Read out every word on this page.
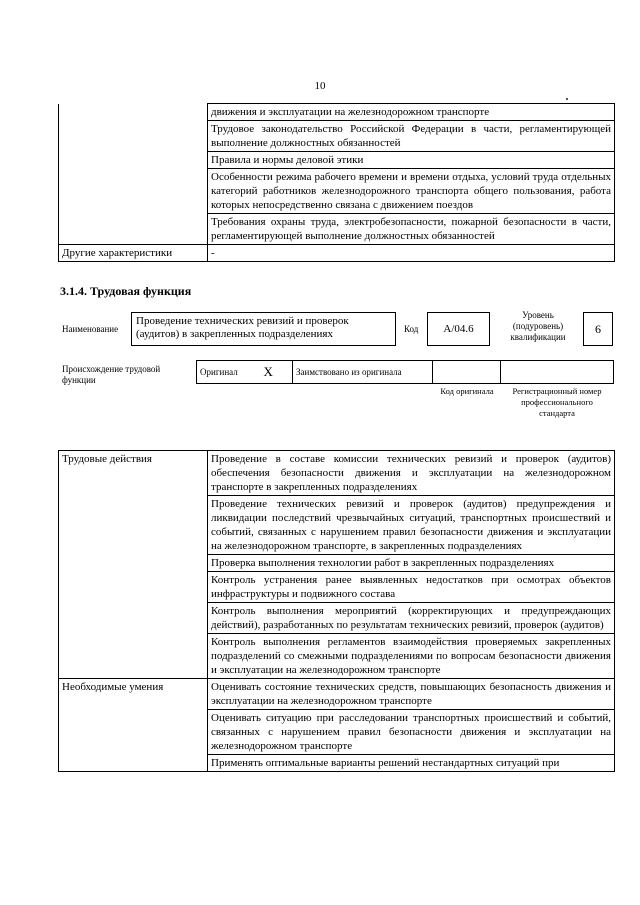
10
	движения и эксплуатации на железнодорожном транспорте
	Трудовое законодательство Российской Федерации в части, регламентирующей выполнение должностных обязанностей
	Правила и нормы деловой этики
	Особенности режима рабочего времени и времени отдыха, условий труда отдельных категорий работников железнодорожного транспорта общего пользования, работа которых непосредственно связана с движением поездов
	Требования охраны труда, электробезопасности, пожарной безопасности в части, регламентирующей выполнение должностных обязанностей
Другие характеристики	-
3.1.4. Трудовая функция
Наименование
Проведение технических ревизий и проверок (аудитов) в закрепленных подразделениях	Код	А/04.6
Уровень (подуровень) квалификации
6
Происхождение трудовой функции
Оригинал	X	Заимствовано из оригинала		
Код оригинала	Регистрационный номер профессионального стандарта
Трудовые действия	Проведение в составе комиссии технических ревизий и проверок (аудитов) обеспечения безопасности движения и эксплуатации на железнодорожном транспорте в закрепленных подразделениях
	Проведение технических ревизий и проверок (аудитов) предупреждения и ликвидации последствий чрезвычайных ситуаций, транспортных происшествий и событий, связанных с нарушением правил безопасности движения и эксплуатации на железнодорожном транспорте, в закрепленных подразделениях
	Проверка выполнения технологии работ в закрепленных подразделениях
	Контроль устранения ранее выявленных недостатков при осмотрах объектов инфраструктуры и подвижного состава
	Контроль выполнения мероприятий (корректирующих и предупреждающих действий), разработанных по результатам технических ревизий, проверок (аудитов)
	Контроль выполнения регламентов взаимодействия проверяемых закрепленных подразделений со смежными подразделениями по вопросам безопасности движения и эксплуатации на железнодорожном транспорте
Необходимые умения	Оценивать состояние технических средств, повышающих безопасность движения и эксплуатации на железнодорожном транспорте
	Оценивать ситуацию при расследовании транспортных происшествий и событий, связанных с нарушением правил безопасности движения и эксплуатации на железнодорожном транспорте
	Применять оптимальные варианты решений нестандартных ситуаций при
